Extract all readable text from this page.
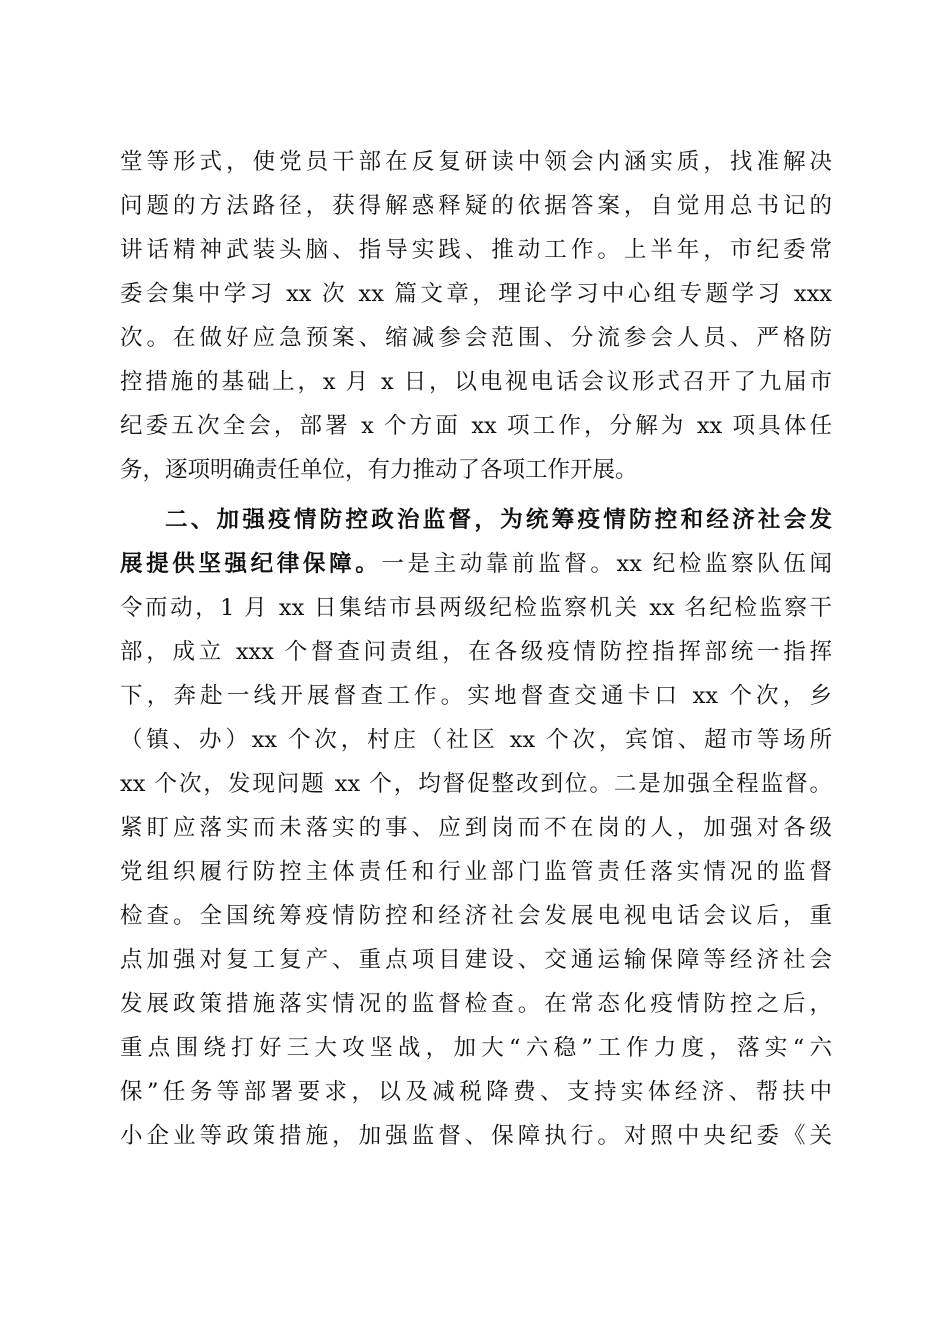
堂等形式，使党员干部在反复研读中领会内涵实质，找准解决
问题的方法路径，获得解惑释疑的依据答案，自觉用总书记的
讲话精神武装头脑、指导实践、推动工作。上半年，市纪委常
委会集中学习 xx 次 xx 篇文章，理论学习中心组专题学习 xxx
次。在做好应急预案、缩减参会范围、分流参会人员、严格防
控措施的基础上，x 月 x 日，以电视电话会议形式召开了九届市
纪委五次全会，部署 x 个方面 xx 项工作，分解为 xx 项具体任
务，逐项明确责任单位，有力推动了各项工作开展。
二、加强疫情防控政治监督，为统筹疫情防控和经济社会发
展提供坚强纪律保障。一是主动靠前监督。xx 纪检监察队伍闻
令而动，1 月 xx 日集结市县两级纪检监察机关 xx 名纪检监察干
部，成立 xxx 个督查问责组，在各级疫情防控指挥部统一指挥
下，奔赴一线开展督查工作。实地督查交通卡口 xx 个次，乡
（镇、办）xx 个次，村庄（社区 xx 个次，宾馆、超市等场所
xx 个次，发现问题 xx 个，均督促整改到位。二是加强全程监督。
紧盯应落实而未落实的事、应到岗而不在岗的人，加强对各级
党组织履行防控主体责任和行业部门监管责任落实情况的监督
检查。全国统筹疫情防控和经济社会发展电视电话会议后，重
点加强对复工复产、重点项目建设、交通运输保障等经济社会
发展政策措施落实情况的监督检查。在常态化疫情防控之后，
重点围绕打好三大攻坚战，加大“六稳”工作力度，落实“六
保”任务等部署要求，以及减税降费、支持实体经济、帮扶中
小企业等政策措施，加强监督、保障执行。对照中央纪委《关
